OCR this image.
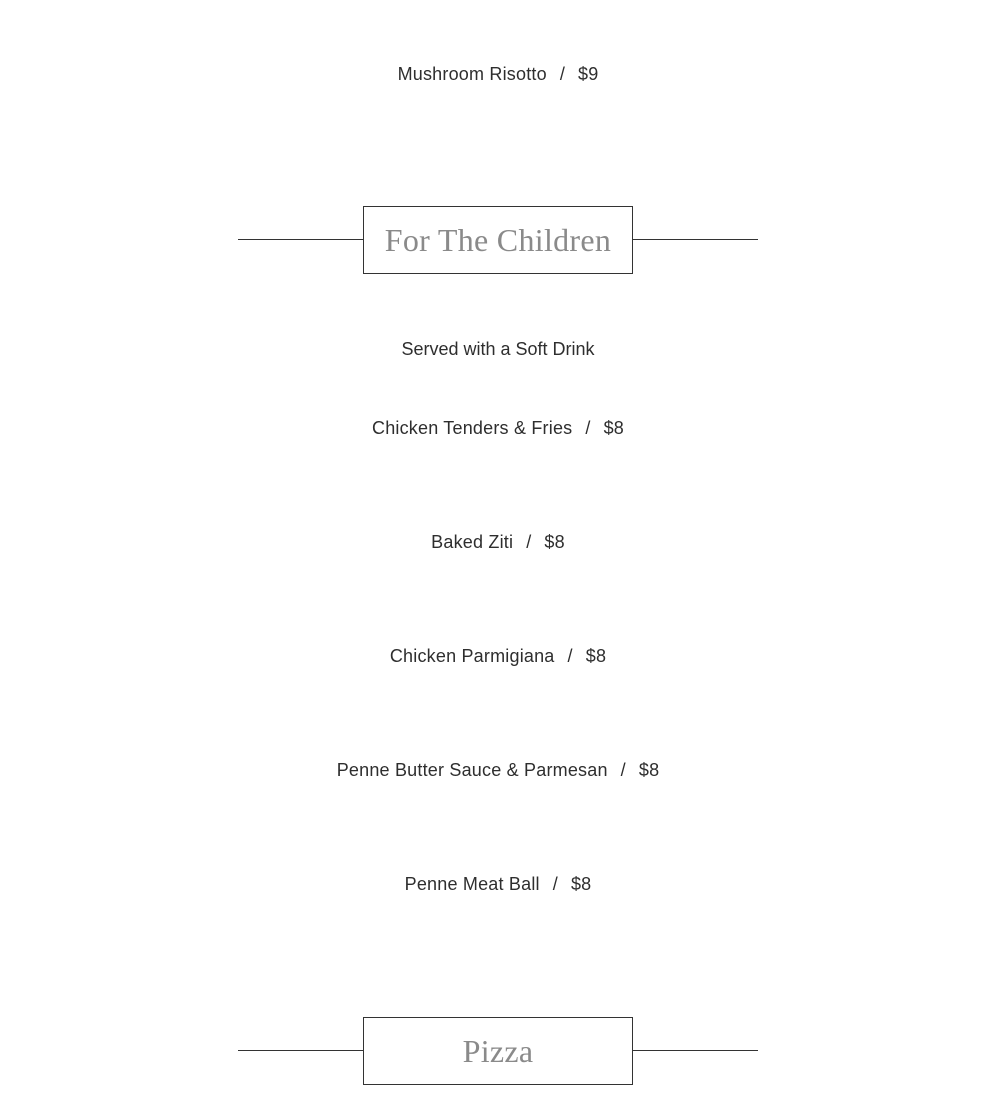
Mushroom Risotto / $9
For The Children
Served with a Soft Drink
Chicken Tenders & Fries / $8
Baked Ziti / $8
Chicken Parmigiana / $8
Penne Butter Sauce & Parmesan / $8
Penne Meat Ball / $8
Pizza
